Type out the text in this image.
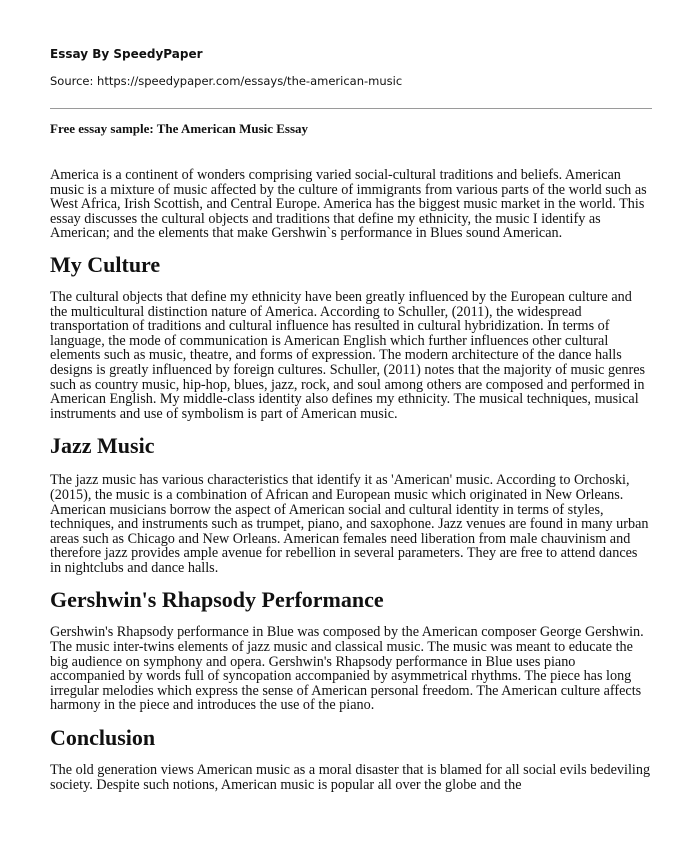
Essay By SpeedyPaper
Source: https://speedypaper.com/essays/the-american-music
Free essay sample: The American Music Essay

America is a continent of wonders comprising varied social-cultural traditions and beliefs. American music is a mixture of music affected by the culture of immigrants from various parts of the world such as West Africa, Irish Scottish, and Central Europe. America has the biggest music market in the world. This essay discusses the cultural objects and traditions that define my ethnicity, the music I identify as American; and the elements that make Gershwin`s performance in Blues sound American.

My Culture

The cultural objects that define my ethnicity have been greatly influenced by the European culture and the multicultural distinction nature of America. According to Schuller, (2011), the widespread transportation of traditions and cultural influence has resulted in cultural hybridization. In terms of language, the mode of communication is American English which further influences other cultural elements such as music, theatre, and forms of expression. The modern architecture of the dance halls designs is greatly influenced by foreign cultures. Schuller, (2011) notes that the majority of music genres such as country music, hip-hop, blues, jazz, rock, and soul among others are composed and performed in American English. My middle-class identity also defines my ethnicity. The musical techniques, musical instruments and use of symbolism is part of American music.

Jazz Music

The jazz music has various characteristics that identify it as 'American' music. According to Orchoski, (2015), the music is a combination of African and European music which originated in New Orleans. American musicians borrow the aspect of American social and cultural identity in terms of styles, techniques, and instruments such as trumpet, piano, and saxophone. Jazz venues are found in many urban areas such as Chicago and New Orleans. American females need liberation from male chauvinism and therefore jazz provides ample avenue for rebellion in several parameters. They are free to attend dances in nightclubs and dance halls.

Gershwin's Rhapsody Performance

Gershwin's Rhapsody performance in Blue was composed by the American composer George Gershwin. The music inter-twins elements of jazz music and classical music. The music was meant to educate the big audience on symphony and opera. Gershwin's Rhapsody performance in Blue uses piano accompanied by words full of syncopation accompanied by asymmetrical rhythms. The piece has long irregular melodies which express the sense of American personal freedom. The American culture affects harmony in the piece and introduces the use of the piano.

Conclusion

The old generation views American music as a moral disaster that is blamed for all social evils bedeviling society. Despite such notions, American music is popular all over the globe and the
